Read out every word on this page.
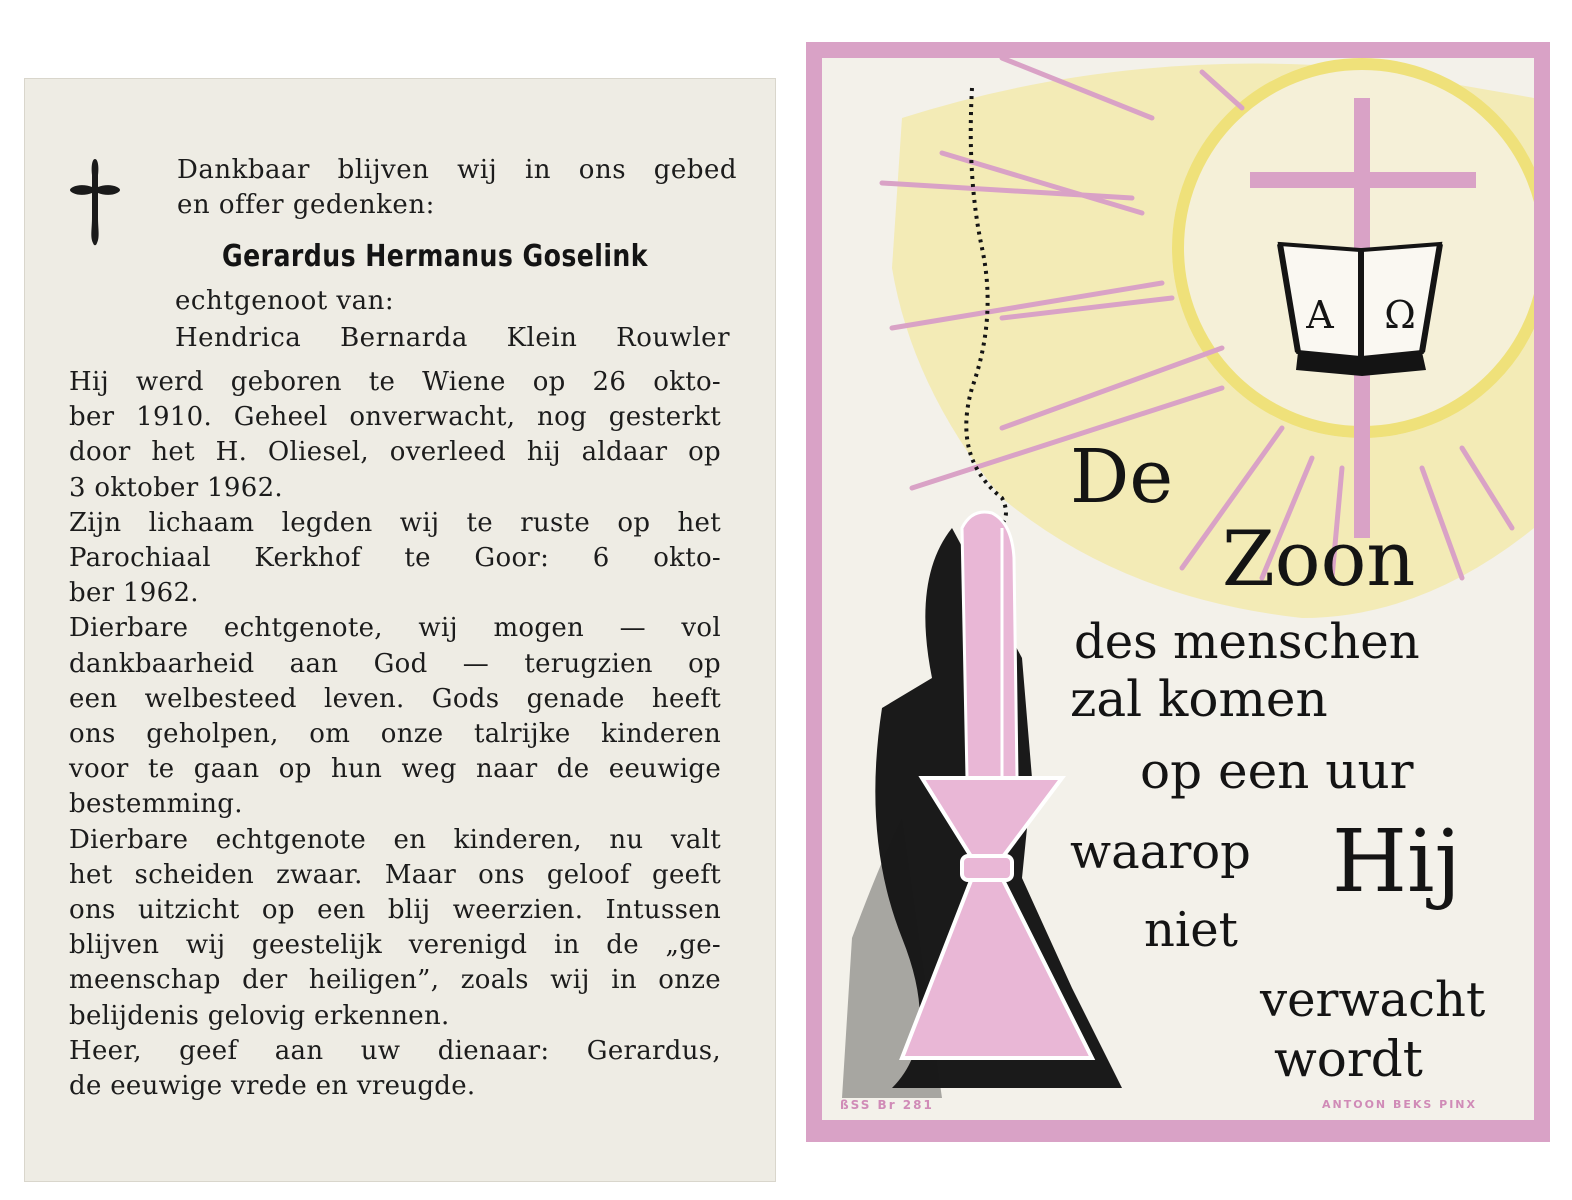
Dankbaar blijven wij in ons gebed
en offer gedenken:
Gerardus Hermanus Goselink
echtgenoot van:
Hendrica Bernarda Klein Rouwler

Hij werd geboren te Wiene op 26 okto-
ber 1910. Geheel onverwacht, nog gesterkt
door het H. Oliesel, overleed hij aldaar op
3 oktober 1962.

Zijn lichaam legden wij te ruste op het
Parochiaal Kerkhof te Goor: 6 okto-
ber 1962.

Dierbare echtgenote, wij mogen — vol
dankbaarheid aan God — terugzien op
een welbesteed leven. Gods genade heeft
ons geholpen, om onze talrijke kinderen
voor te gaan op hun weg naar de eeuwige
bestemming.

Dierbare echtgenote en kinderen, nu valt
het scheiden zwaar. Maar ons geloof geeft
ons uitzicht op een blij weerzien. Intussen
blijven wij geestelijk verenigd in de „ge-
meenschap der heiligen”, zoals wij in onze
belijdenis gelovig erkennen.

Heer, geef aan uw dienaar: Gerardus,
de eeuwige vrede en vreugde.

A Ω
De
Zoon
des menschen
zal komen
op een uur
waarop Hij
niet
verwacht
wordt
ßSS Br 281	ANTOON BEKS PINX
